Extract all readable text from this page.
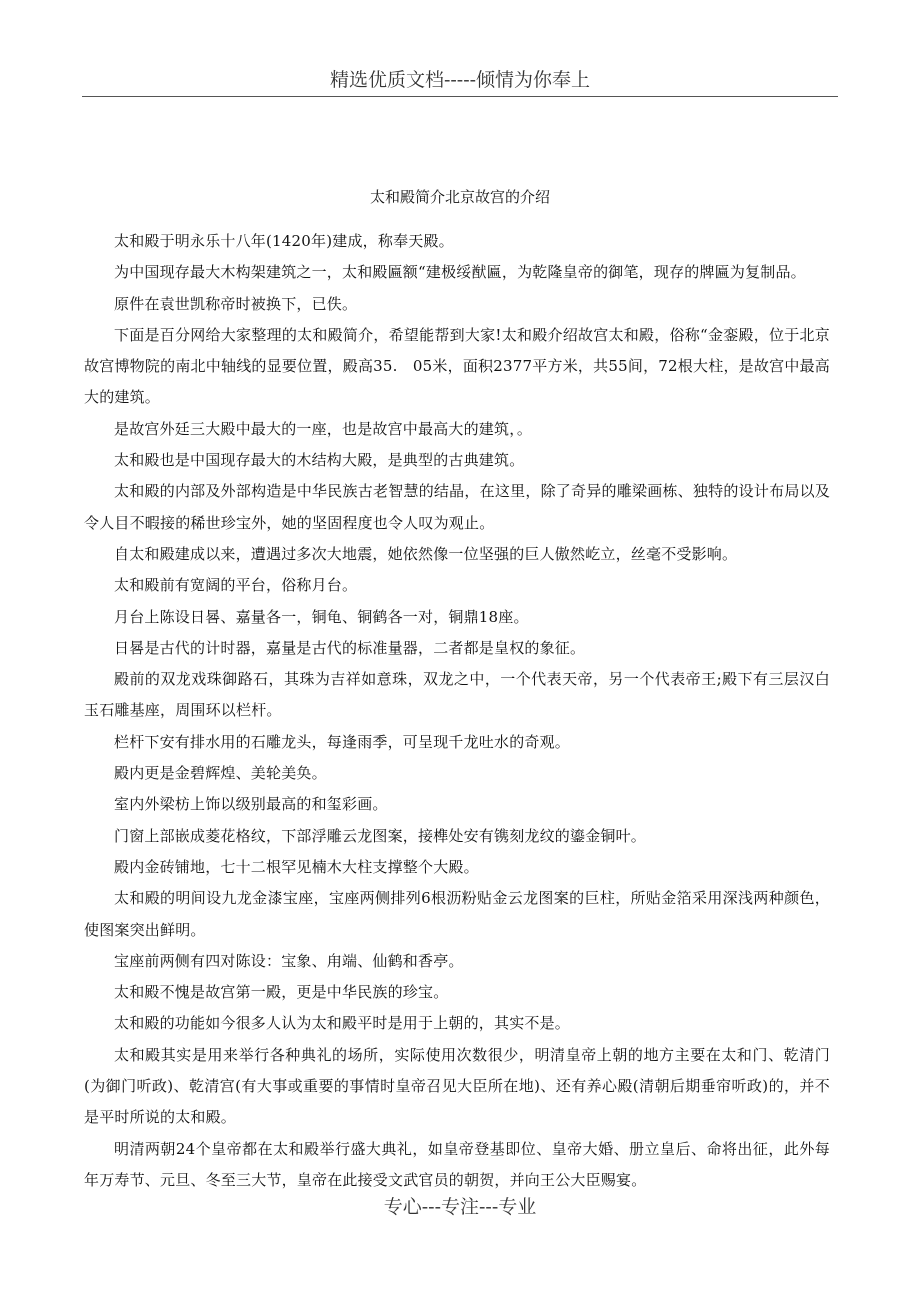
精选优质文档-----倾情为你奉上
太和殿简介北京故宫的介绍

太和殿于明永乐十八年(1420年)建成，称奉天殿。

为中国现存最大木构架建筑之一，太和殿匾额“建极绥猷匾，为乾隆皇帝的御笔，现存的牌匾为复制品。

原件在袁世凯称帝时被换下，已佚。

下面是百分网给大家整理的太和殿简介，希望能帮到大家!太和殿介绍故宫太和殿，俗称“金銮殿，位于北京故宫博物院的南北中轴线的显要位置，殿高35.　05米，面积2377平方米，共55间，72根大柱，是故宫中最高大的建筑。

是故宫外廷三大殿中最大的一座，也是故宫中最高大的建筑，。

太和殿也是中国现存最大的木结构大殿，是典型的古典建筑。

太和殿的内部及外部构造是中华民族古老智慧的结晶，在这里，除了奇异的雕梁画栋、独特的设计布局以及令人目不暇接的稀世珍宝外，她的坚固程度也令人叹为观止。

自太和殿建成以来，遭遇过多次大地震，她依然像一位坚强的巨人傲然屹立，丝毫不受影响。

太和殿前有宽阔的平台，俗称月台。

月台上陈设日晷、嘉量各一，铜龟、铜鹤各一对，铜鼎18座。

日晷是古代的计时器，嘉量是古代的标准量器，二者都是皇权的象征。

殿前的双龙戏珠御路石，其珠为吉祥如意珠，双龙之中，一个代表天帝，另一个代表帝王;殿下有三层汉白玉石雕基座，周围环以栏杆。

栏杆下安有排水用的石雕龙头，每逢雨季，可呈现千龙吐水的奇观。

殿内更是金碧辉煌、美轮美奂。

室内外梁枋上饰以级别最高的和玺彩画。

门窗上部嵌成菱花格纹，下部浮雕云龙图案，接榫处安有镌刻龙纹的鎏金铜叶。

殿内金砖铺地，七十二根罕见楠木大柱支撑整个大殿。

太和殿的明间设九龙金漆宝座，宝座两侧排列6根沥粉贴金云龙图案的巨柱，所贴金箔采用深浅两种颜色，使图案突出鲜明。

宝座前两侧有四对陈设：宝象、甪端、仙鹤和香亭。

太和殿不愧是故宫第一殿，更是中华民族的珍宝。

太和殿的功能如今很多人认为太和殿平时是用于上朝的，其实不是。

太和殿其实是用来举行各种典礼的场所，实际使用次数很少，明清皇帝上朝的地方主要在太和门、乾清门(为御门听政)、乾清宫(有大事或重要的事情时皇帝召见大臣所在地)、还有养心殿(清朝后期垂帘听政)的，并不是平时所说的太和殿。

明清两朝24个皇帝都在太和殿举行盛大典礼，如皇帝登基即位、皇帝大婚、册立皇后、命将出征，此外每年万寿节、元旦、冬至三大节，皇帝在此接受文武官员的朝贺，并向王公大臣赐宴。

专心---专注---专业
